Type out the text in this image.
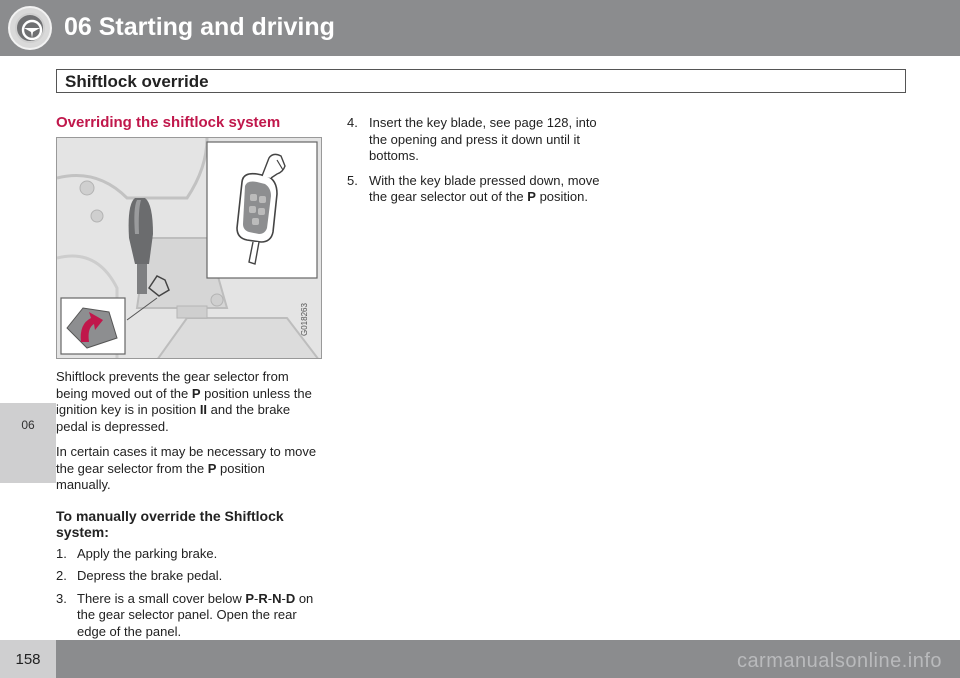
06 Starting and driving
Shiftlock override
06
Overriding the shiftlock system
G018263

Shiftlock prevents the gear selector from being moved out of the P position unless the ignition key is in position II and the brake pedal is depressed.

In certain cases it may be necessary to move the gear selector from the P position manually.

To manually override the Shiftlock system:
1. Apply the parking brake.
2. Depress the brake pedal.
3. There is a small cover below P-R-N-D on the gear selector panel. Open the rear edge of the panel.
4. Insert the key blade, see page 128, into the opening and press it down until it bottoms.
5. With the key blade pressed down, move the gear selector out of the P position.
158	carmanualsonline.info
